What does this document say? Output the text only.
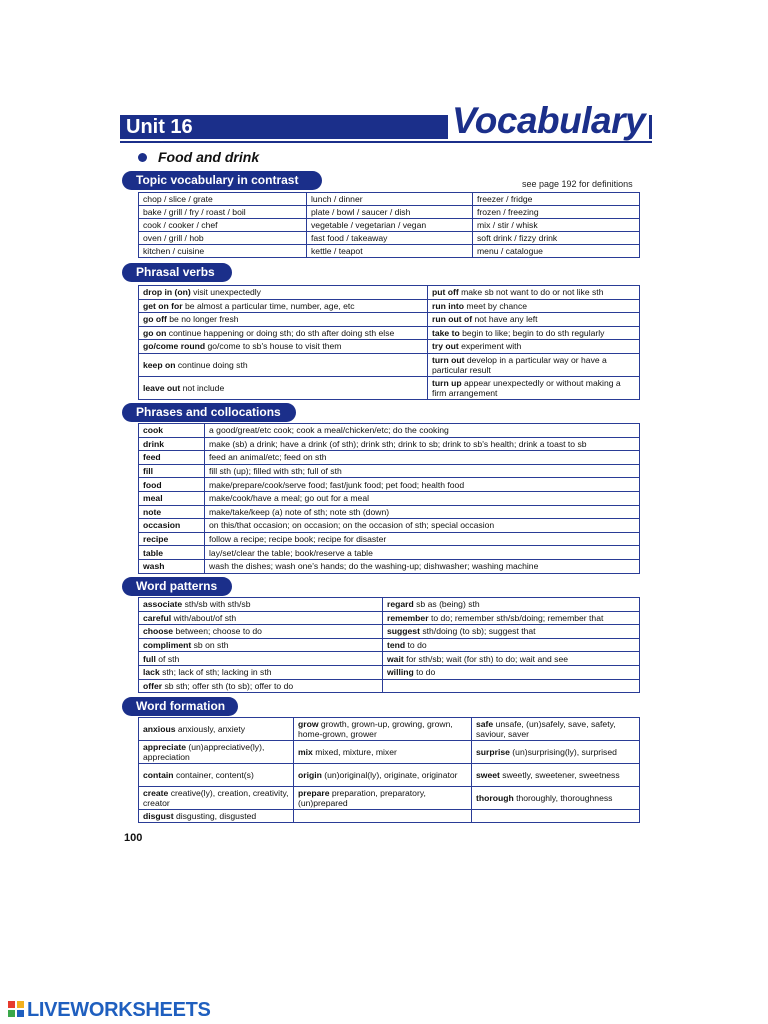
Unit 16	Vocabulary
Food and drink
Topic vocabulary in contrast	see page 192 for definitions
chop / slice / grate	lunch / dinner	freezer / fridge
bake / grill / fry / roast / boil	plate / bowl / saucer / dish	frozen / freezing
cook / cooker / chef	vegetable / vegetarian / vegan	mix / stir / whisk
oven / grill / hob	fast food / takeaway	soft drink / fizzy drink
kitchen / cuisine	kettle / teapot	menu / catalogue
Phrasal verbs
drop in (on) visit unexpectedly	put off make sb not want to do or not like sth
get on for be almost a particular time, number, age, etc	run into meet by chance
go off be no longer fresh	run out of not have any left
go on continue happening or doing sth; do sth after doing sth else	take to begin to like; begin to do sth regularly
go/come round go/come to sb's house to visit them	try out experiment with
keep on continue doing sth	turn out develop in a particular way or have a particular result
leave out not include	turn up appear unexpectedly or without making a firm arrangement
Phrases and collocations
cook	a good/great/etc cook; cook a meal/chicken/etc; do the cooking
drink	make (sb) a drink; have a drink (of sth); drink sth; drink to sb; drink to sb's health; drink a toast to sb
feed	feed an animal/etc; feed on sth
fill	fill sth (up); filled with sth; full of sth
food	make/prepare/cook/serve food; fast/junk food; pet food; health food
meal	make/cook/have a meal; go out for a meal
note	make/take/keep (a) note of sth; note sth (down)
occasion	on this/that occasion; on occasion; on the occasion of sth; special occasion
recipe	follow a recipe; recipe book; recipe for disaster
table	lay/set/clear the table; book/reserve a table
wash	wash the dishes; wash one's hands; do the washing-up; dishwasher; washing machine
Word patterns
associate sth/sb with sth/sb	regard sb as (being) sth
careful with/about/of sth	remember to do; remember sth/sb/doing; remember that
choose between; choose to do	suggest sth/doing (to sb); suggest that
compliment sb on sth	tend to do
full of sth	wait for sth/sb; wait (for sth) to do; wait and see
lack sth; lack of sth; lacking in sth	willing to do
offer sb sth; offer sth (to sb); offer to do	
Word formation
anxious anxiously, anxiety	grow growth, grown-up, growing, grown, home-grown, grower	safe unsafe, (un)safely, save, safety, saviour, saver
appreciate (un)appreciative(ly), appreciation	mix mixed, mixture, mixer	surprise (un)surprising(ly), surprised
contain container, content(s)	origin (un)original(ly), originate, originator	sweet sweetly, sweetener, sweetness
create creative(ly), creation, creativity, creator	prepare preparation, preparatory, (un)prepared	thorough thoroughly, thoroughness
disgust disgusting, disgusted		
100
LIVEWORKSHEETS
